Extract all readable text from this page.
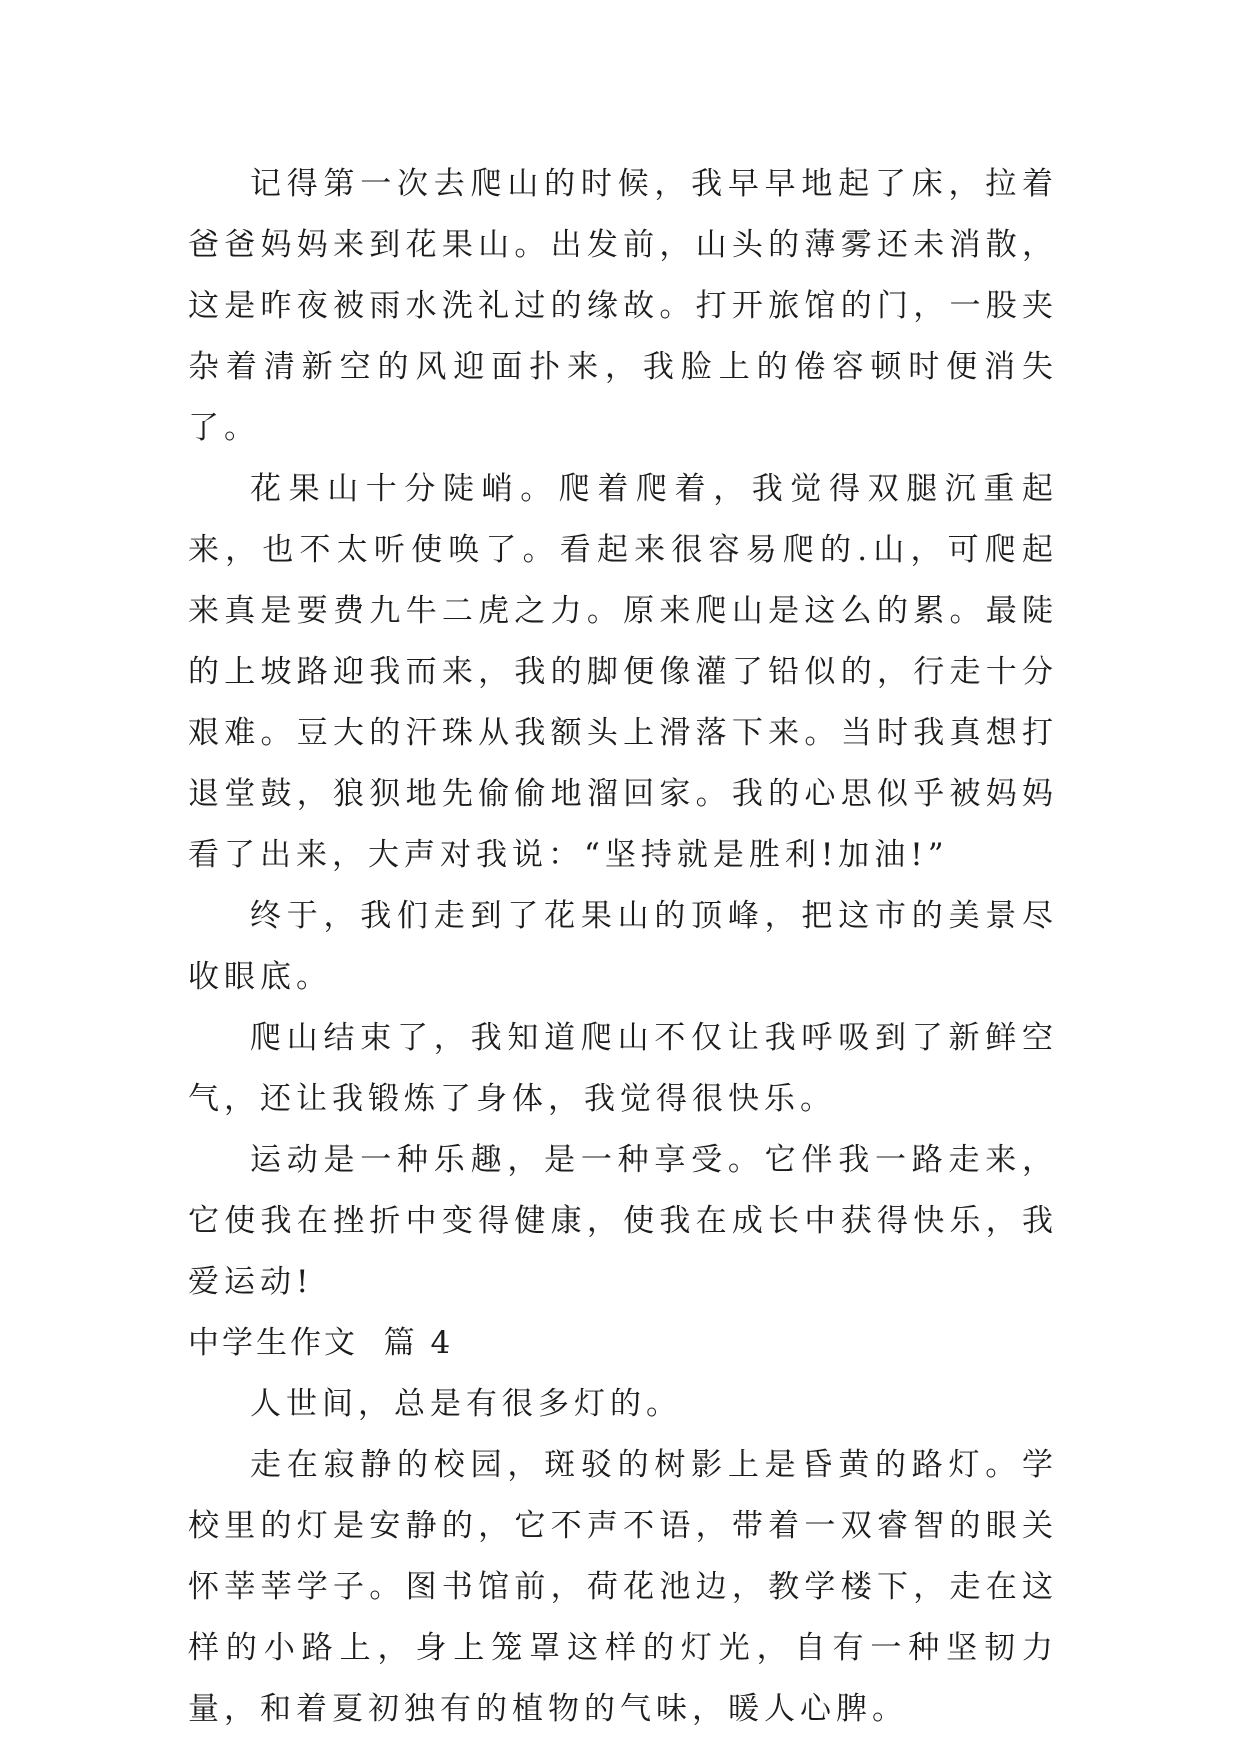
记得第一次去爬山的时候，我早早地起了床，拉着爸爸妈妈来到花果山。出发前，山头的薄雾还未消散，这是昨夜被雨水洗礼过的缘故。打开旅馆的门，一股夹杂着清新空的风迎面扑来，我脸上的倦容顿时便消失了。

花果山十分陡峭。爬着爬着，我觉得双腿沉重起来，也不太听使唤了。看起来很容易爬的.山，可爬起来真是要费九牛二虎之力。原来爬山是这么的累。最陡的上坡路迎我而来，我的脚便像灌了铅似的，行走十分艰难。豆大的汗珠从我额头上滑落下来。当时我真想打退堂鼓，狼狈地先偷偷地溜回家。我的心思似乎被妈妈看了出来，大声对我说：“坚持就是胜利!加油!”

终于，我们走到了花果山的顶峰，把这市的美景尽收眼底。

爬山结束了，我知道爬山不仅让我呼吸到了新鲜空气，还让我锻炼了身体，我觉得很快乐。

运动是一种乐趣，是一种享受。它伴我一路走来，它使我在挫折中变得健康，使我在成长中获得快乐，我爱运动!

中学生作文  篇 4

人世间，总是有很多灯的。

走在寂静的校园，斑驳的树影上是昏黄的路灯。学校里的灯是安静的，它不声不语，带着一双睿智的眼关怀莘莘学子。图书馆前，荷花池边，教学楼下，走在这样的小路上，身上笼罩这样的灯光，自有一种坚韧力量，和着夏初独有的植物的气味，暖人心脾。
